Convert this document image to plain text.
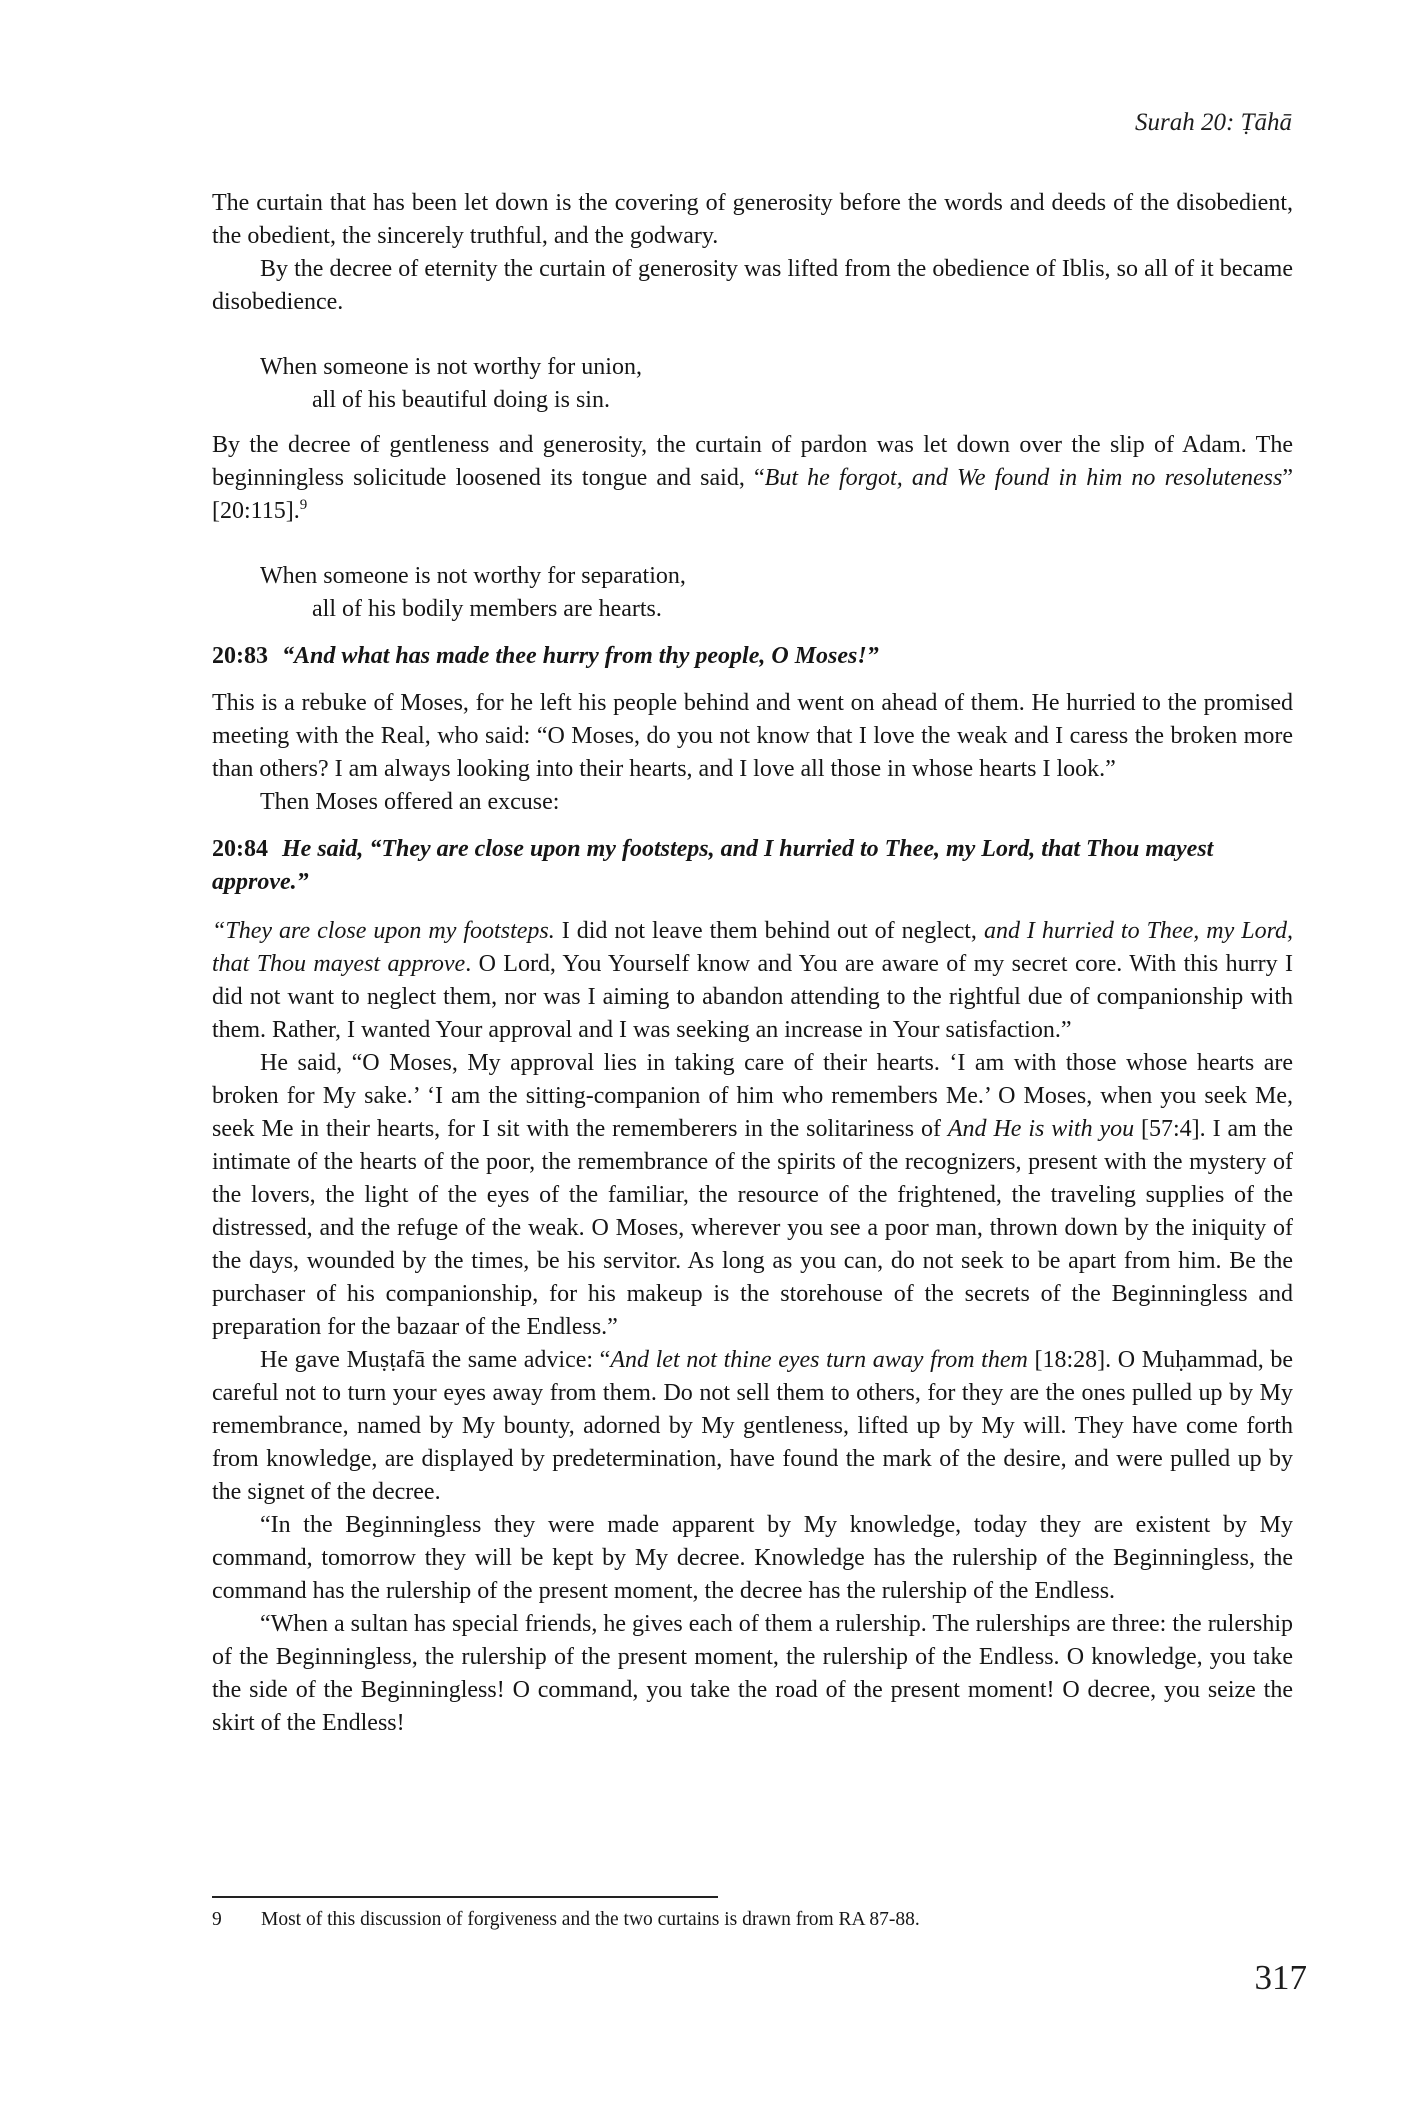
Surah 20: Ṭāhā

The curtain that has been let down is the covering of generosity before the words and deeds of the disobedient, the obedient, the sincerely truthful, and the godwary.

By the decree of eternity the curtain of generosity was lifted from the obedience of Iblis, so all of it became disobedience.

When someone is not worthy for union,
all of his beautiful doing is sin.

By the decree of gentleness and generosity, the curtain of pardon was let down over the slip of Adam. The beginningless solicitude loosened its tongue and said, “But he forgot, and We found in him no resoluteness” [20:115].$^9$

When someone is not worthy for separation,
all of his bodily members are hearts.

20:83 “And what has made thee hurry from thy people, O Moses!”

This is a rebuke of Moses, for he left his people behind and went on ahead of them. He hurried to the promised meeting with the Real, who said: “O Moses, do you not know that I love the weak and I caress the broken more than others? I am always looking into their hearts, and I love all those in whose hearts I look.”

Then Moses offered an excuse:

20:84 He said, “They are close upon my footsteps, and I hurried to Thee, my Lord, that Thou mayest approve.”

“They are close upon my footsteps. I did not leave them behind out of neglect, and I hurried to Thee, my Lord, that Thou mayest approve. O Lord, You Yourself know and You are aware of my secret core. With this hurry I did not want to neglect them, nor was I aiming to abandon attending to the rightful due of companionship with them. Rather, I wanted Your approval and I was seeking an increase in Your satisfaction.”

He said, “O Moses, My approval lies in taking care of their hearts. ‘I am with those whose hearts are broken for My sake.’ ‘I am the sitting-companion of him who remembers Me.’ O Moses, when you seek Me, seek Me in their hearts, for I sit with the rememberers in the solitariness of And He is with you [57:4]. I am the intimate of the hearts of the poor, the remembrance of the spirits of the recognizers, present with the mystery of the lovers, the light of the eyes of the familiar, the resource of the frightened, the traveling supplies of the distressed, and the refuge of the weak. O Moses, wherever you see a poor man, thrown down by the iniquity of the days, wounded by the times, be his servitor. As long as you can, do not seek to be apart from him. Be the purchaser of his companionship, for his makeup is the storehouse of the secrets of the Beginningless and preparation for the bazaar of the Endless.”

He gave Muṣṭafā the same advice: “And let not thine eyes turn away from them [18:28]. O Muḥammad, be careful not to turn your eyes away from them. Do not sell them to others, for they are the ones pulled up by My remembrance, named by My bounty, adorned by My gentleness, lifted up by My will. They have come forth from knowledge, are displayed by predetermination, have found the mark of the desire, and were pulled up by the signet of the decree.

“In the Beginningless they were made apparent by My knowledge, today they are existent by My command, tomorrow they will be kept by My decree. Knowledge has the rulership of the Beginningless, the command has the rulership of the present moment, the decree has the rulership of the Endless.

“When a sultan has special friends, he gives each of them a rulership. The rulerships are three: the rulership of the Beginningless, the rulership of the present moment, the rulership of the Endless. O knowledge, you take the side of the Beginningless! O command, you take the road of the present moment! O decree, you seize the skirt of the Endless!

9 Most of this discussion of forgiveness and the two curtains is drawn from RA 87-88.
317
